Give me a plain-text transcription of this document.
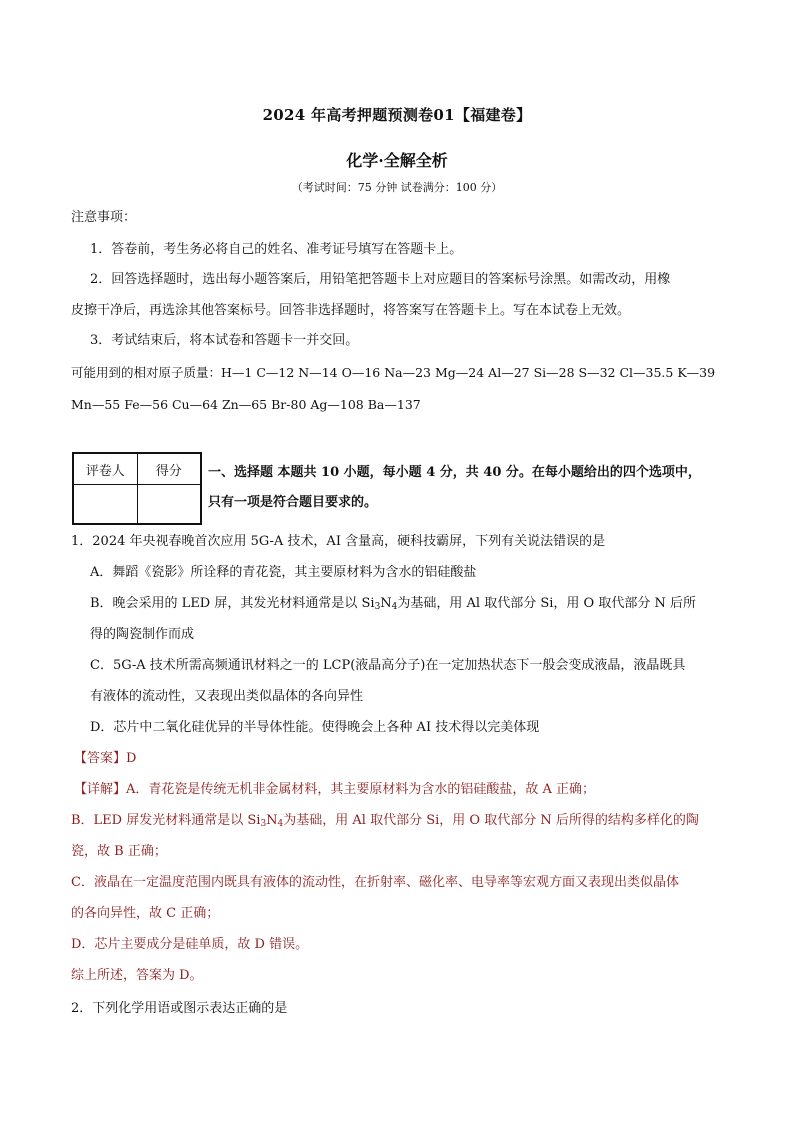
2024 年高考押题预测卷01【福建卷】
化学·全解全析
（考试时间：75 分钟 试卷满分：100 分）
注意事项：
1．答卷前，考生务必将自己的姓名、准考证号填写在答题卡上。
2．回答选择题时，选出每小题答案后，用铅笔把答题卡上对应题目的答案标号涂黑。如需改动，用橡
皮擦干净后，再选涂其他答案标号。回答非选择题时，将答案写在答题卡上。写在本试卷上无效。
3．考试结束后，将本试卷和答题卡一并交回。
可能用到的相对原子质量：H—1 C—12 N—14 O—16 Na—23 Mg—24 Al—27 Si—28 S—32 Cl—35.5 K—39
Mn—55 Fe—56 Cu—64 Zn—65 Br-80 Ag—108 Ba—137
评卷人	得分
	一、选择题 本题共 10 小题，每小题 4 分，共 40 分。在每小题给出的四个选项中，
只有一项是符合题目要求的。
1．2024 年央视春晚首次应用 5G-A 技术，AI 含量高，硬科技霸屏，下列有关说法错误的是
A．舞蹈《瓷影》所诠释的青花瓷，其主要原材料为含水的铝硅酸盐
B．晚会采用的 LED 屏，其发光材料通常是以 $Si_3N_4$为基础，用 Al 取代部分 Si，用 O 取代部分 N 后所
得的陶瓷制作而成
C．5G-A 技术所需高频通讯材料之一的 LCP(液晶高分子)在一定加热状态下一般会变成液晶，液晶既具
有液体的流动性，又表现出类似晶体的各向异性
D．芯片中二氧化硅优异的半导体性能。使得晚会上各种 AI 技术得以完美体现
【答案】D
【详解】A．青花瓷是传统无机非金属材料，其主要原材料为含水的铝硅酸盐，故 A 正确；
B．LED 屏发光材料通常是以 $Si_3N_4$为基础，用 Al 取代部分 Si，用 O 取代部分 N 后所得的结构多样化的陶
瓷，故 B 正确；
C．液晶在一定温度范围内既具有液体的流动性，在折射率、磁化率、电导率等宏观方面又表现出类似晶体
的各向异性，故 C 正确；
D．芯片主要成分是硅单质，故 D 错误。
综上所述，答案为 D。
2．下列化学用语或图示表达正确的是
